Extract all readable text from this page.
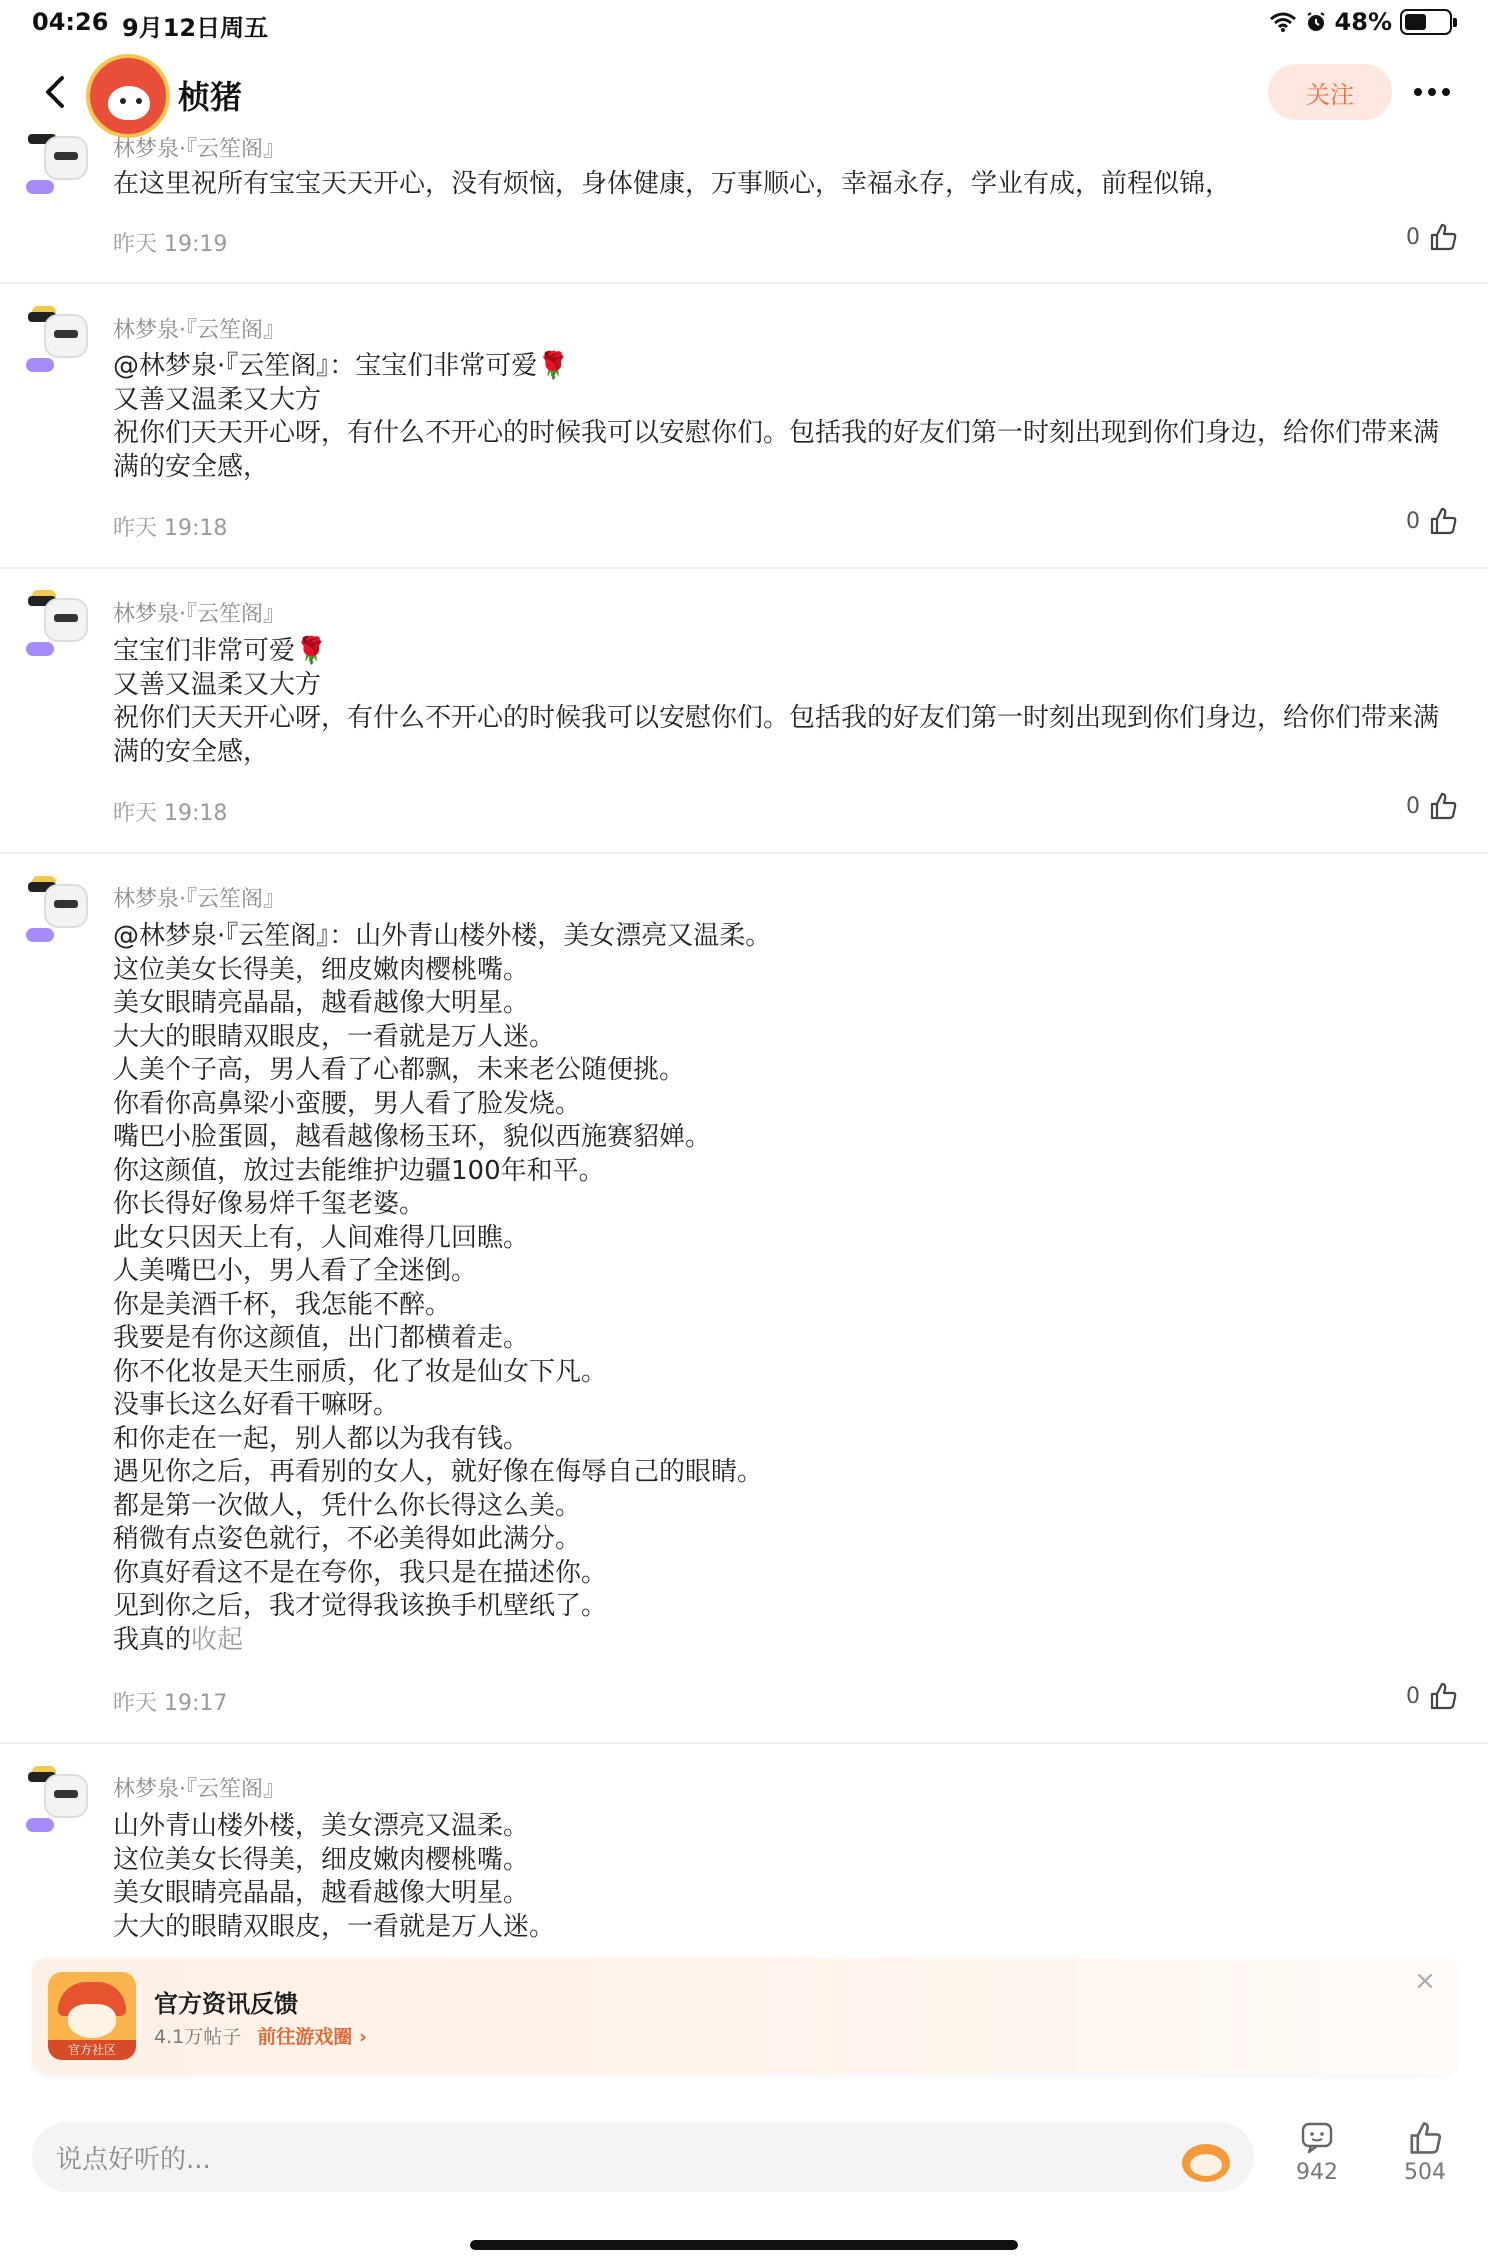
04:26 9月12日周五	48%
桢猪	关注
林梦泉·『云笙阁』
在这里祝所有宝宝天天开心，没有烦恼，身体健康，万事顺心，幸福永存，学业有成，前程似锦，
昨天 19:19	0
林梦泉·『云笙阁』
@林梦泉·『云笙阁』：宝宝们非常可爱🌹
又善又温柔又大方
祝你们天天开心呀，有什么不开心的时候我可以安慰你们。包括我的好友们第一时刻出现到你们身边，给你们带来满满的安全感，
昨天 19:18	0
林梦泉·『云笙阁』
宝宝们非常可爱🌹
又善又温柔又大方
祝你们天天开心呀，有什么不开心的时候我可以安慰你们。包括我的好友们第一时刻出现到你们身边，给你们带来满满的安全感，
昨天 19:18	0
林梦泉·『云笙阁』
@林梦泉·『云笙阁』：山外青山楼外楼，美女漂亮又温柔。
这位美女长得美，细皮嫩肉樱桃嘴。
美女眼睛亮晶晶，越看越像大明星。
大大的眼睛双眼皮，一看就是万人迷。
人美个子高，男人看了心都飘，未来老公随便挑。
你看你高鼻梁小蛮腰，男人看了脸发烧。
嘴巴小脸蛋圆，越看越像杨玉环，貌似西施赛貂婵。
你这颜值，放过去能维护边疆100年和平。
你长得好像易烊千玺老婆。
此女只因天上有，人间难得几回瞧。
人美嘴巴小，男人看了全迷倒。
你是美酒千杯，我怎能不醉。
我要是有你这颜值，出门都横着走。
你不化妆是天生丽质，化了妆是仙女下凡。
没事长这么好看干嘛呀。
和你走在一起，别人都以为我有钱。
遇见你之后，再看别的女人，就好像在侮辱自己的眼睛。
都是第一次做人，凭什么你长得这么美。
稍微有点姿色就行，不必美得如此满分。
你真好看这不是在夸你，我只是在描述你。
见到你之后，我才觉得我该换手机壁纸了。
我真的收起
昨天 19:17	0
林梦泉·『云笙阁』
山外青山楼外楼，美女漂亮又温柔。
这位美女长得美，细皮嫩肉樱桃嘴。
美女眼睛亮晶晶，越看越像大明星。
大大的眼睛双眼皮，一看就是万人迷。
官方社区
官方资讯反馈
4.1万帖子 前往游戏圈 ›
×
说点好听的...	942	504
